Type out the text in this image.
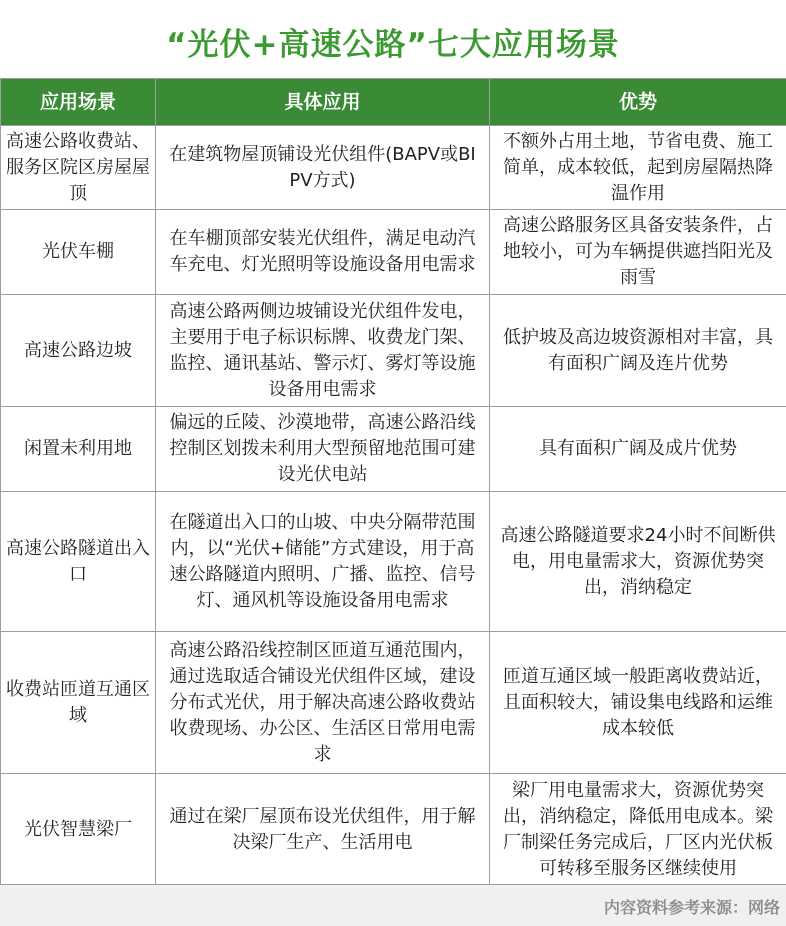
“光伏+高速公路”七大应用场景
应用场景	具体应用	优势
高速公路收费站、服务区院区房屋屋顶	在建筑物屋顶铺设光伏组件(BAPV或BIPV方式)	不额外占用土地，节省电费、施工简单，成本较低，起到房屋隔热降温作用
光伏车棚	在车棚顶部安装光伏组件，满足电动汽车充电、灯光照明等设施设备用电需求	高速公路服务区具备安装条件，占地较小，可为车辆提供遮挡阳光及雨雪
高速公路边坡	高速公路两侧边坡铺设光伏组件发电，主要用于电子标识标牌、收费龙门架、监控、通讯基站、警示灯、雾灯等设施设备用电需求	低护坡及高边坡资源相对丰富，具有面积广阔及连片优势
闲置未利用地	偏远的丘陵、沙漠地带，高速公路沿线控制区划拨未利用大型预留地范围可建设光伏电站	具有面积广阔及成片优势
高速公路隧道出入口	在隧道出入口的山坡、中央分隔带范围内，以“光伏+储能”方式建设，用于高速公路隧道内照明、广播、监控、信号灯、通风机等设施设备用电需求	高速公路隧道要求24小时不间断供电，用电量需求大，资源优势突出，消纳稳定
收费站匝道互通区域	高速公路沿线控制区匝道互通范围内，通过选取适合铺设光伏组件区域，建设分布式光伏，用于解决高速公路收费站收费现场、办公区、生活区日常用电需求	匝道互通区域一般距离收费站近，且面积较大，铺设集电线路和运维成本较低
光伏智慧梁厂	通过在梁厂屋顶布设光伏组件，用于解决梁厂生产、生活用电	梁厂用电量需求大，资源优势突出，消纳稳定，降低用电成本。梁厂制梁任务完成后，厂区内光伏板可转移至服务区继续使用
内容资料参考来源：网络
